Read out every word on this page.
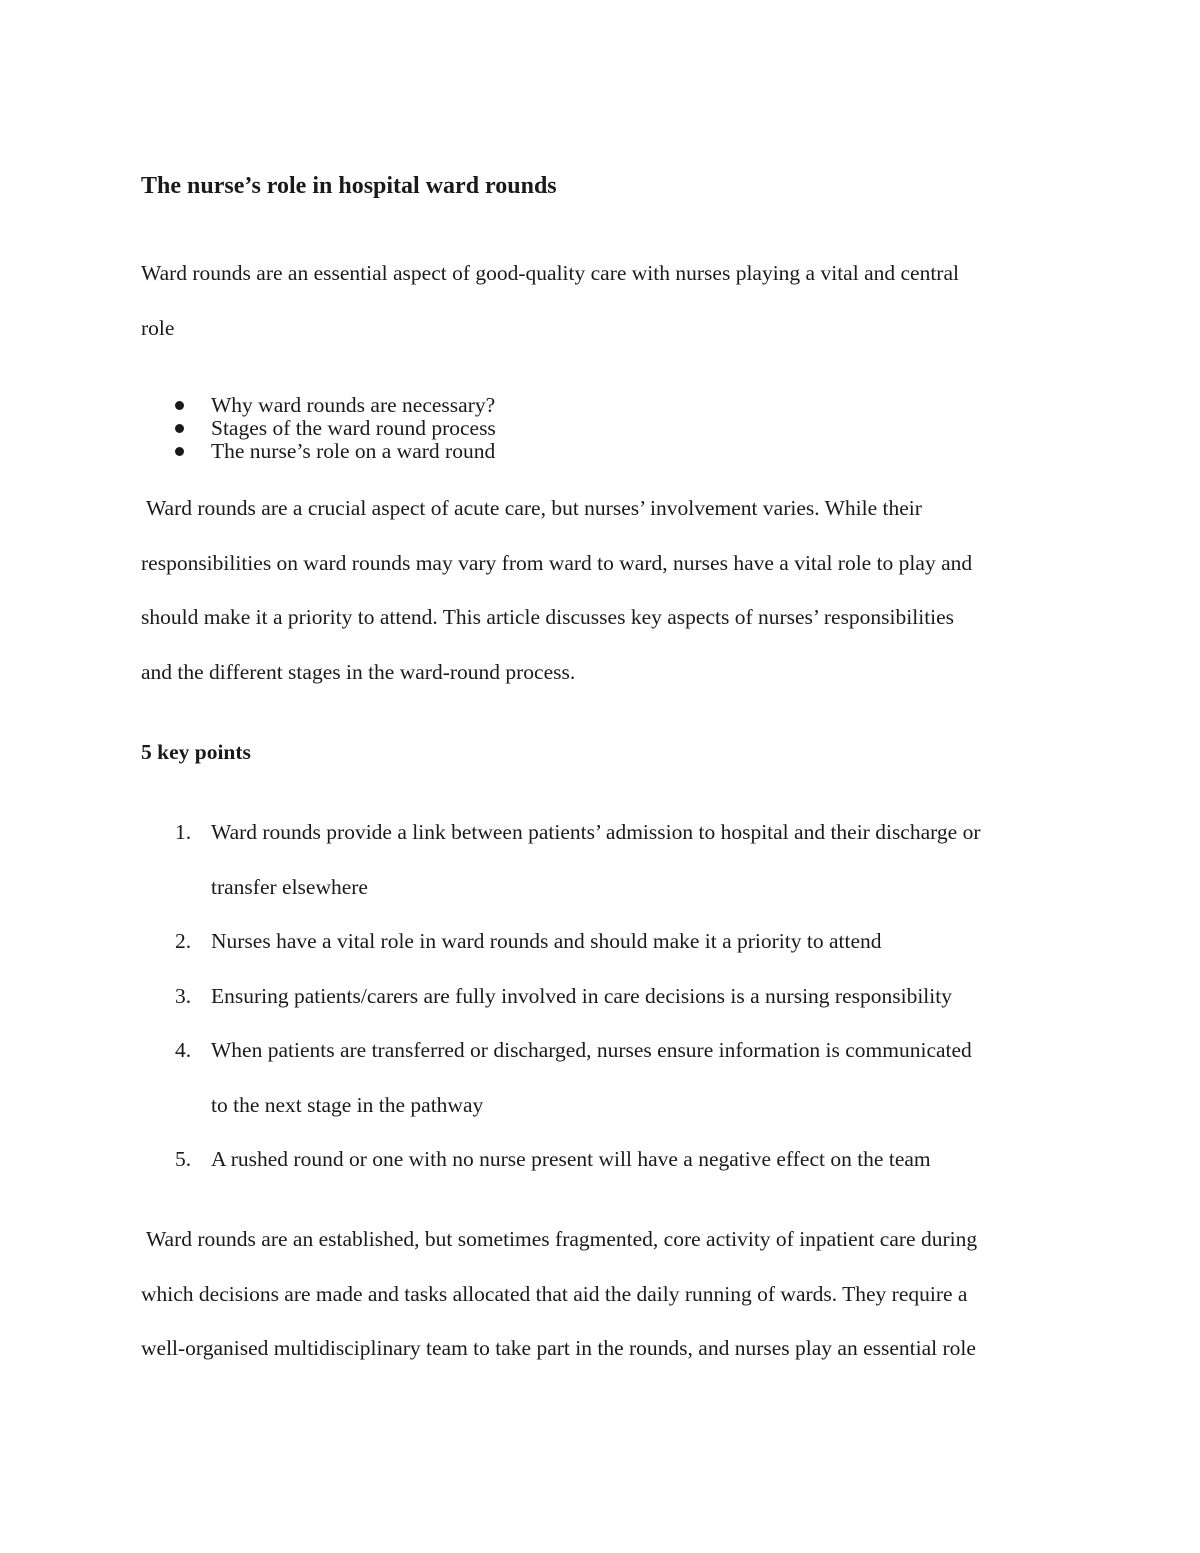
The nurse’s role in hospital ward rounds

Ward rounds are an essential aspect of good-quality care with nurses playing a vital and central
role

Why ward rounds are necessary?
Stages of the ward round process
The nurse’s role on a ward round

Ward rounds are a crucial aspect of acute care, but nurses’ involvement varies. While their
responsibilities on ward rounds may vary from ward to ward, nurses have a vital role to play and
should make it a priority to attend. This article discusses key aspects of nurses’ responsibilities
and the different stages in the ward-round process.

5 key points
1. Ward rounds provide a link between patients’ admission to hospital and their discharge or
transfer elsewhere
2. Nurses have a vital role in ward rounds and should make it a priority to attend
3. Ensuring patients/carers are fully involved in care decisions is a nursing responsibility
4. When patients are transferred or discharged, nurses ensure information is communicated
to the next stage in the pathway
5. A rushed round or one with no nurse present will have a negative effect on the team

Ward rounds are an established, but sometimes fragmented, core activity of inpatient care during
which decisions are made and tasks allocated that aid the daily running of wards. They require a
well-organised multidisciplinary team to take part in the rounds, and nurses play an essential role
